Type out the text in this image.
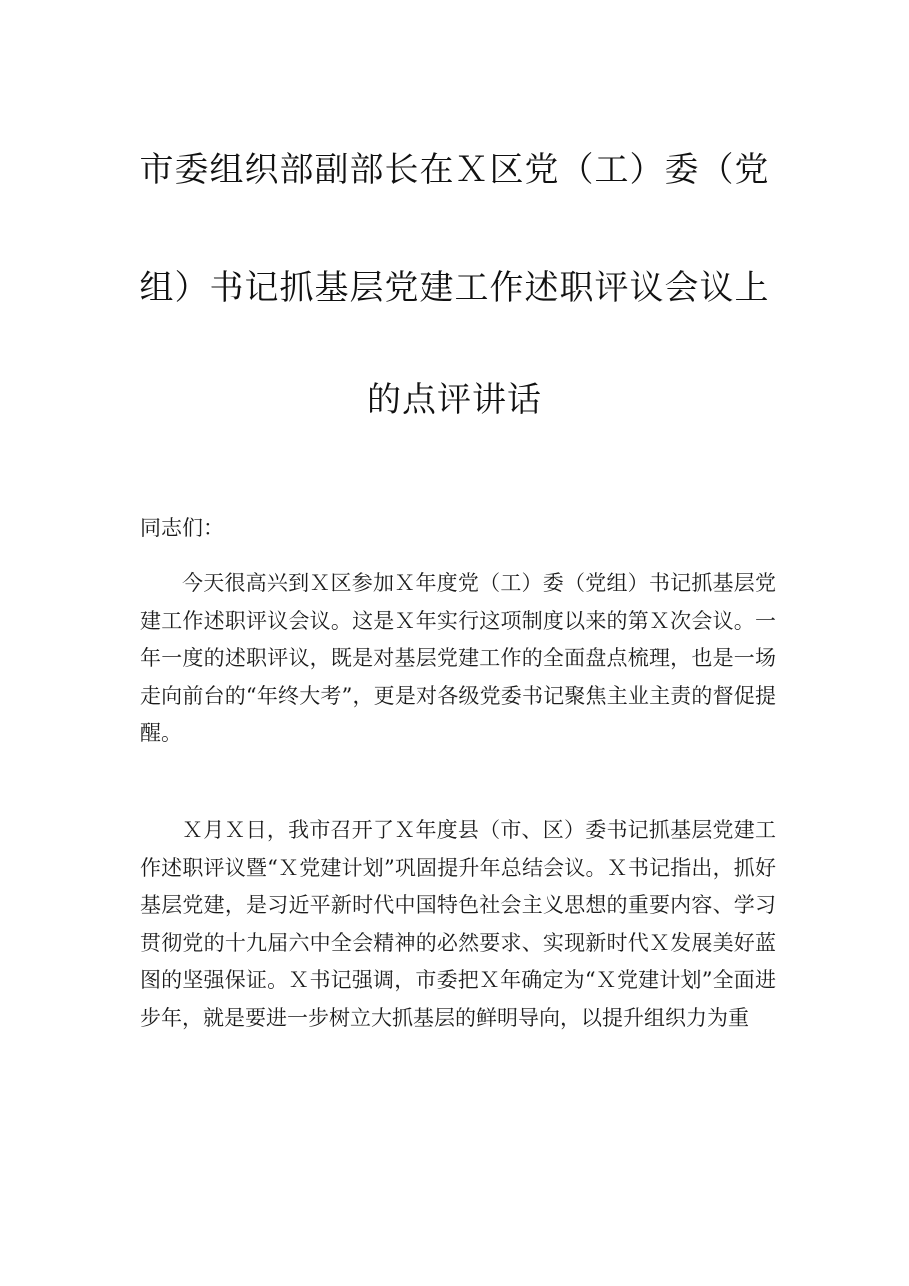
市委组织部副部长在Ｘ区党（工）委（党
组）书记抓基层党建工作述职评议会议上
的点评讲话
同志们：

今天很高兴到Ｘ区参加Ｘ年度党（工）委（党组）书记抓基层党建工作述职评议会议。这是Ｘ年实行这项制度以来的第Ｘ次会议。一年一度的述职评议，既是对基层党建工作的全面盘点梳理，也是一场走向前台的“年终大考”，更是对各级党委书记聚焦主业主责的督促提醒。

Ｘ月Ｘ日，我市召开了Ｘ年度县（市、区）委书记抓基层党建工作述职评议暨“Ｘ党建计划”巩固提升年总结会议。Ｘ书记指出，抓好基层党建，是习近平新时代中国特色社会主义思想的重要内容、学习贯彻党的十九届六中全会精神的必然要求、实现新时代Ｘ发展美好蓝图的坚强保证。Ｘ书记强调，市委把Ｘ年确定为“Ｘ党建计划”全面进步年，就是要进一步树立大抓基层的鲜明导向，以提升组织力为重
